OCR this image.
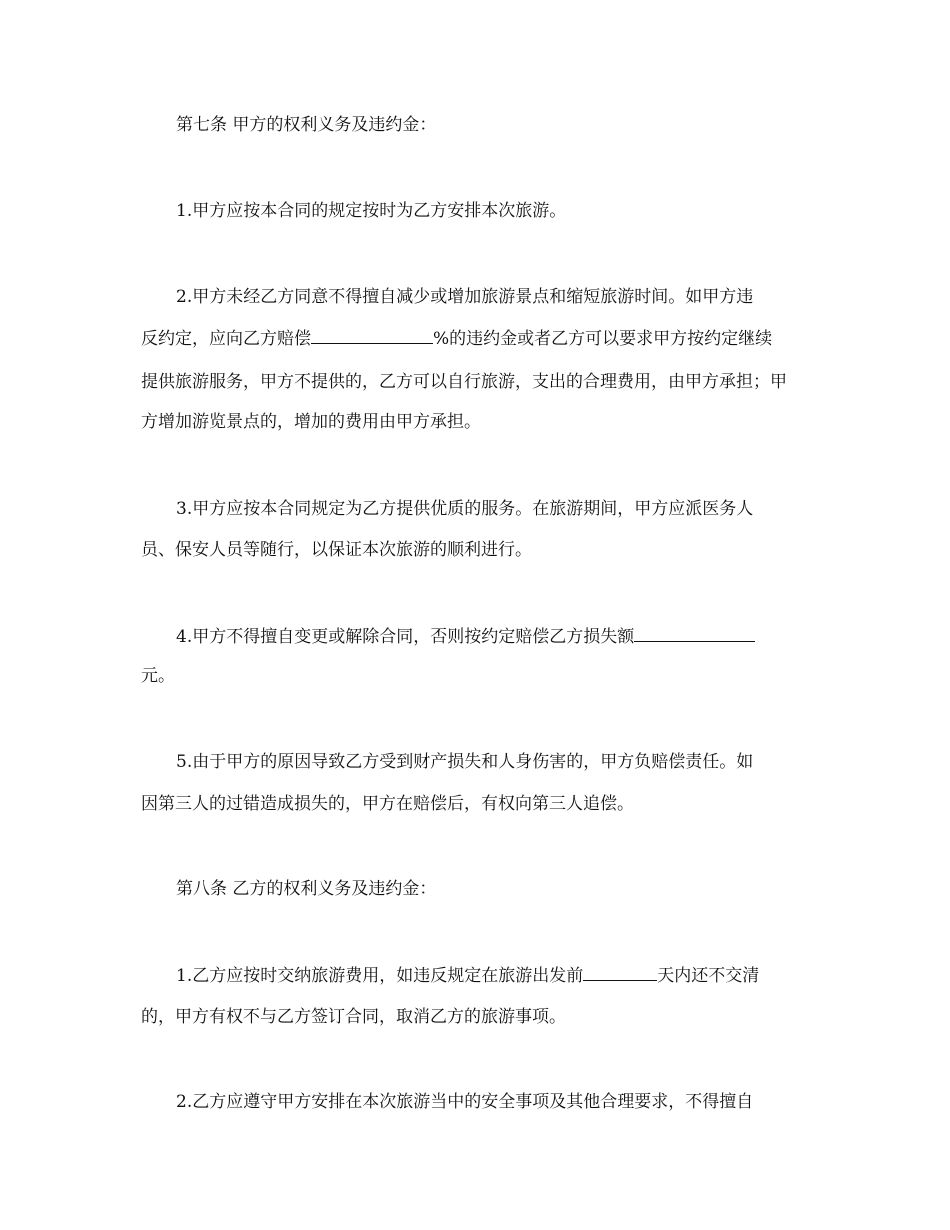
第七条 甲方的权利义务及违约金：
1.甲方应按本合同的规定按时为乙方安排本次旅游。
2.甲方未经乙方同意不得擅自减少或增加旅游景点和缩短旅游时间。如甲方违
反约定，应向乙方赔偿	%的违约金或者乙方可以要求甲方按约定继续
提供旅游服务，甲方不提供的，乙方可以自行旅游，支出的合理费用，由甲方承担；甲
方增加游览景点的，增加的费用由甲方承担。
3.甲方应按本合同规定为乙方提供优质的服务。在旅游期间，甲方应派医务人
员、保安人员等随行，以保证本次旅游的顺利进行。
4.甲方不得擅自变更或解除合同，否则按约定赔偿乙方损失额
元。
5.由于甲方的原因导致乙方受到财产损失和人身伤害的，甲方负赔偿责任。如
因第三人的过错造成损失的，甲方在赔偿后，有权向第三人追偿。
第八条 乙方的权利义务及违约金：
1.乙方应按时交纳旅游费用，如违反规定在旅游出发前	天内还不交清
的，甲方有权不与乙方签订合同，取消乙方的旅游事项。
2.乙方应遵守甲方安排在本次旅游当中的安全事项及其他合理要求，不得擅自
